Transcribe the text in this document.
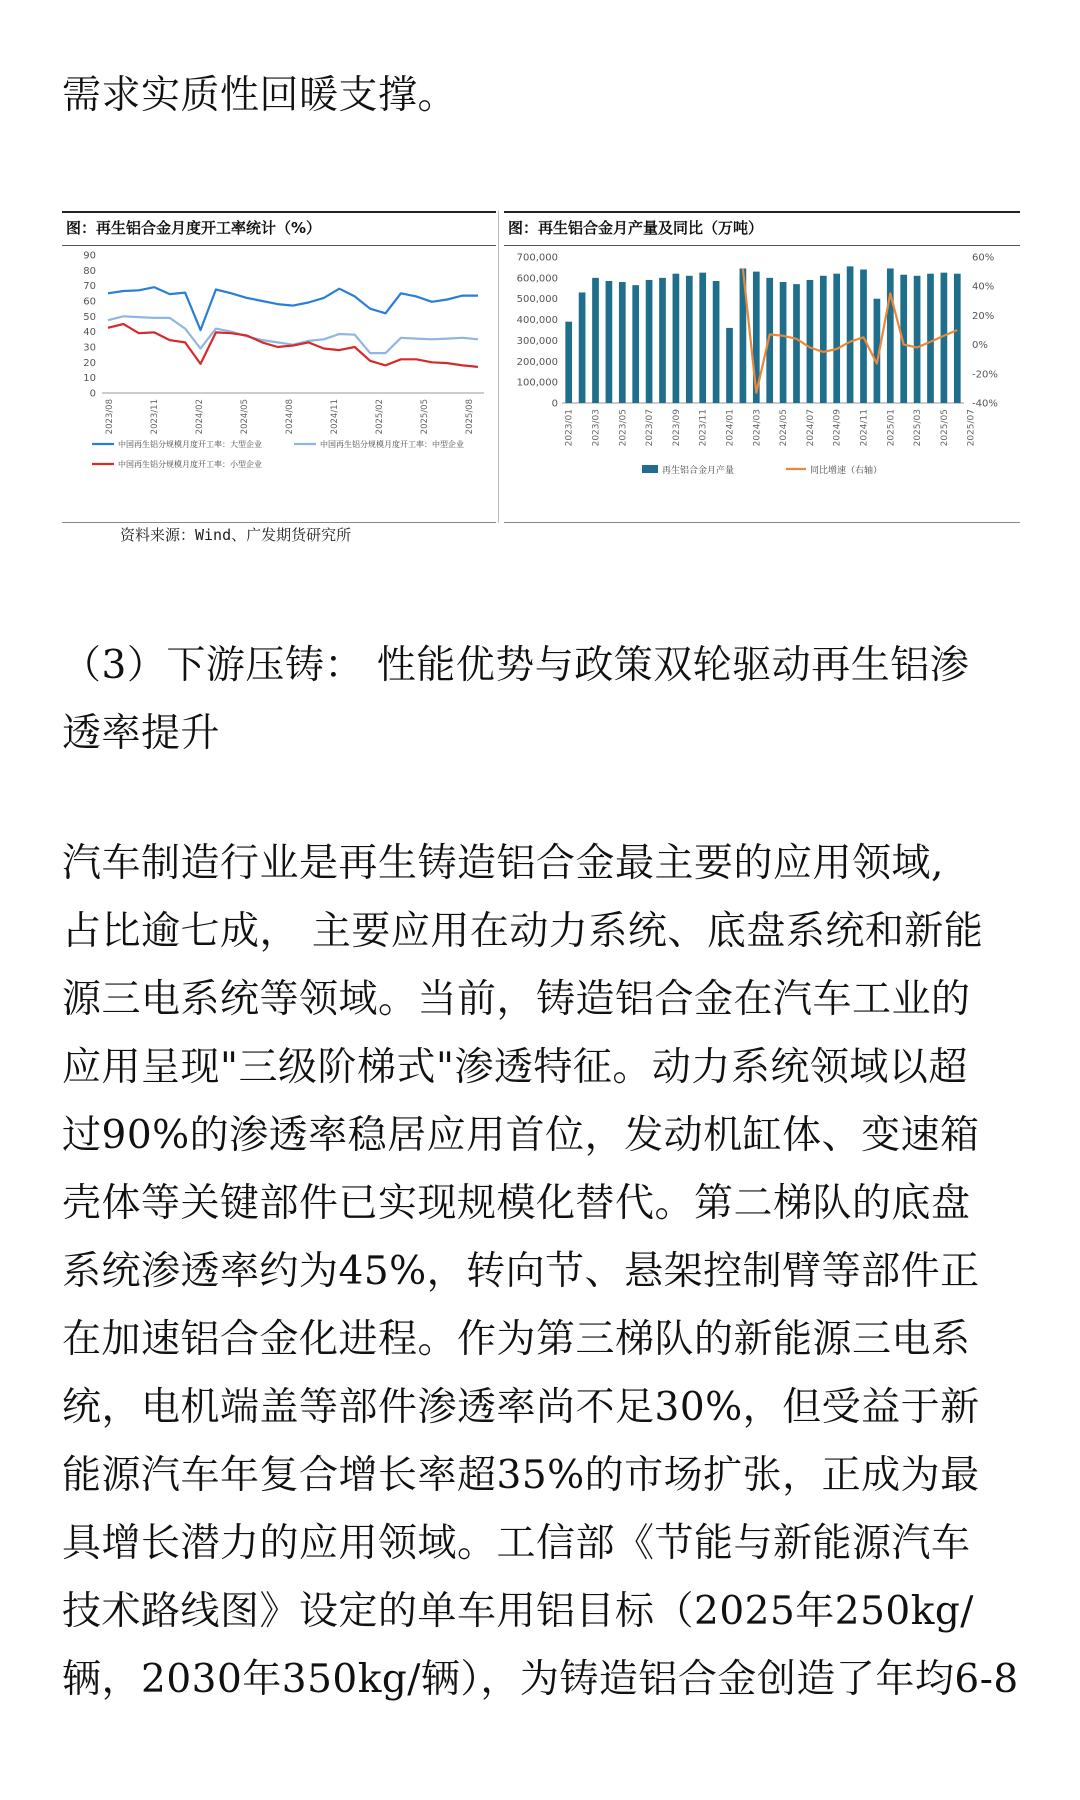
需求实质性回暖支撑。

图：再生铝合金月度开工率统计（%）
0
10
20
30
40
50
60
70
80
90
2023/08	2023/11	2024/02	2024/05	2024/08	2024/11	2025/02	2025/05	2025/08
中国再生铝分规模月度开工率：大型企业	中国再生铝分规模月度开工率：中型企业
中国再生铝分规模月度开工率：小型企业
图：再生铝合金月产量及同比（万吨）
0
100,000
200,000
300,000
400,000
500,000
600,000
700,000
-40%
-20%
0%
20%
40%
60%
2023/01 2023/03 2023/05 2023/07 2023/09 2023/11 2024/01 2024/03 2024/05 2024/07 2024/09 2024/11 2025/01 2025/03 2025/05 2025/07
再生铝合金月产量	同比增速（右轴）
资料来源：Wind、广发期货研究所

（3）下游压铸： 性能优势与政策双轮驱动再生铝渗
透率提升

汽车制造行业是再生铸造铝合金最主要的应用领域,
占比逾七成， 主要应用在动力系统、底盘系统和新能
源三电系统等领域。当前，铸造铝合金在汽车工业的
应用呈现"三级阶梯式"渗透特征。动力系统领域以超
过90%的渗透率稳居应用首位，发动机缸体、变速箱
壳体等关键部件已实现规模化替代。第二梯队的底盘
系统渗透率约为45%，转向节、悬架控制臂等部件正
在加速铝合金化进程。作为第三梯队的新能源三电系
统，电机端盖等部件渗透率尚不足30%，但受益于新
能源汽车年复合增长率超35%的市场扩张，正成为最
具增长潜力的应用领域。工信部《节能与新能源汽车
技术路线图》设定的单车用铝目标（2025年250kg/
辆，2030年350kg/辆），为铸造铝合金创造了年均6-8
